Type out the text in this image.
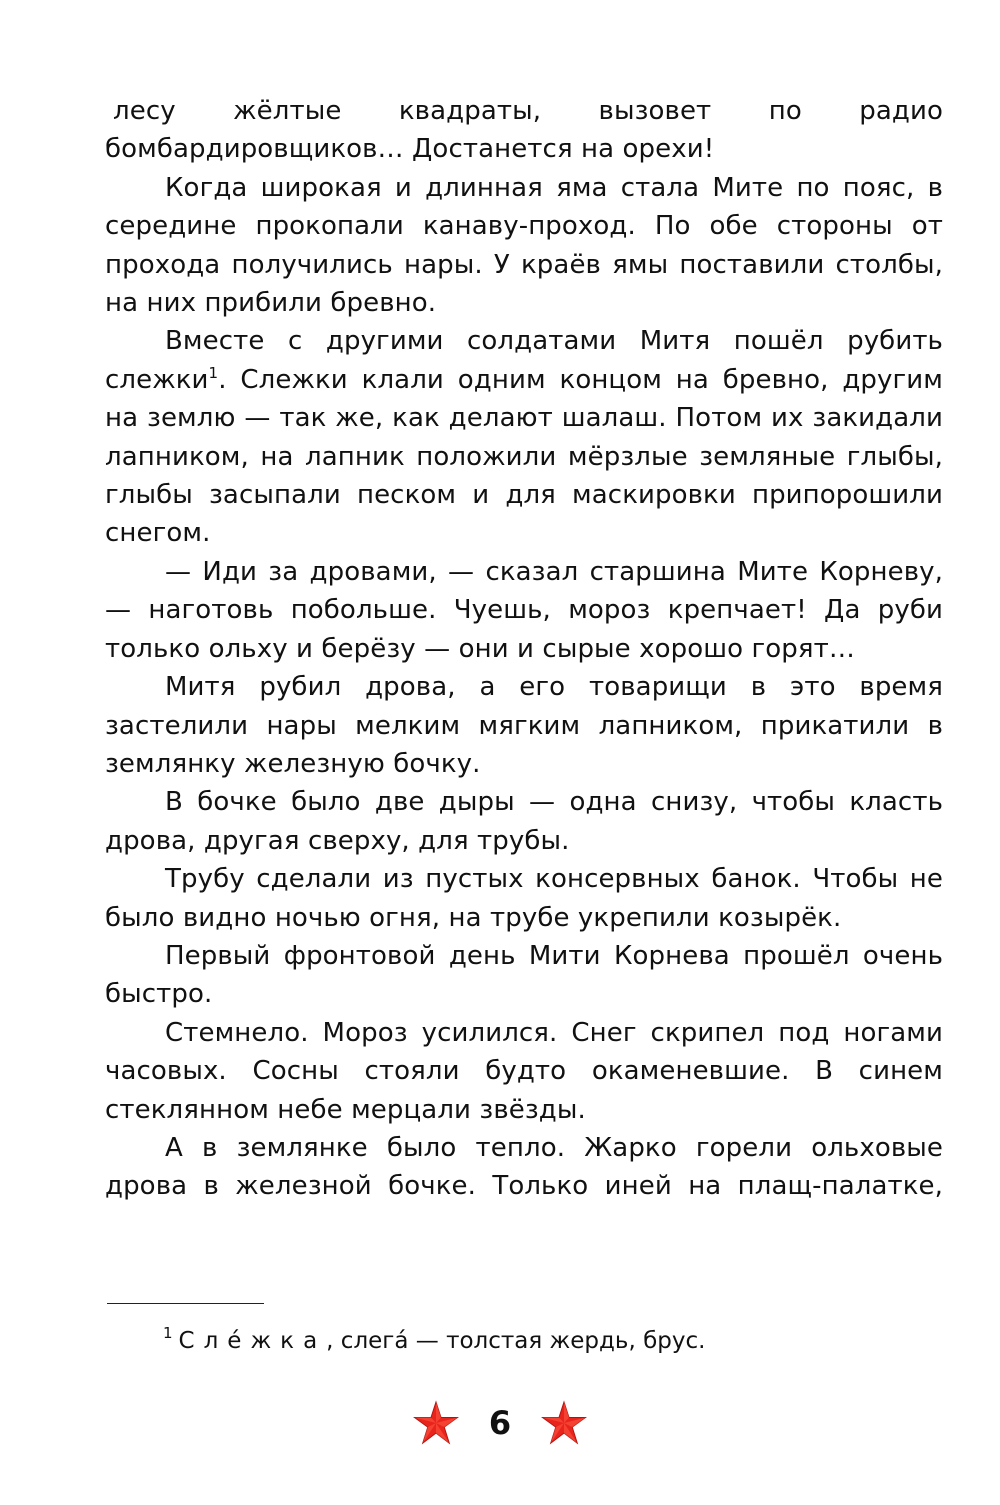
лесу жёлтые квадраты, вызовет по радио бомбардировщиков… Достанется на орехи!

Когда широкая и длинная яма стала Мите по пояс, в середине прокопали канаву-проход. По обе стороны от прохода получились нары. У краёв ямы поставили столбы, на них прибили бревно.

Вместе с другими солдатами Митя пошёл рубить слежки$^1$. Слежки клали одним концом на бревно, другим на землю — так же, как делают шалаш. Потом их закидали лапником, на лапник положили мёрзлые земляные глыбы, глыбы засыпали песком и для маскировки припорошили снегом.

— Иди за дровами, — сказал старшина Мите Корневу, — наготовь побольше. Чуешь, мороз крепчает! Да руби только ольху и берёзу — они и сырые хорошо горят…

Митя рубил дрова, а его товарищи в это время застелили нары мелким мягким лапником, прикатили в землянку железную бочку.

В бочке было две дыры — одна снизу, чтобы класть дрова, другая сверху, для трубы.

Трубу сделали из пустых консервных банок. Чтобы не было видно ночью огня, на трубе укрепили козырёк.

Первый фронтовой день Мити Корнева прошёл очень быстро.

Стемнело. Мороз усилился. Снег скрипел под ногами часовых. Сосны стояли будто окаменевшие. В синем стеклянном небе мерцали звёзды.

А в землянке было тепло. Жарко горели ольховые дрова в железной бочке. Только иней на плащ-палатке,

$^1$ Слéжка, слегá — толстая жердь, брус.
6
